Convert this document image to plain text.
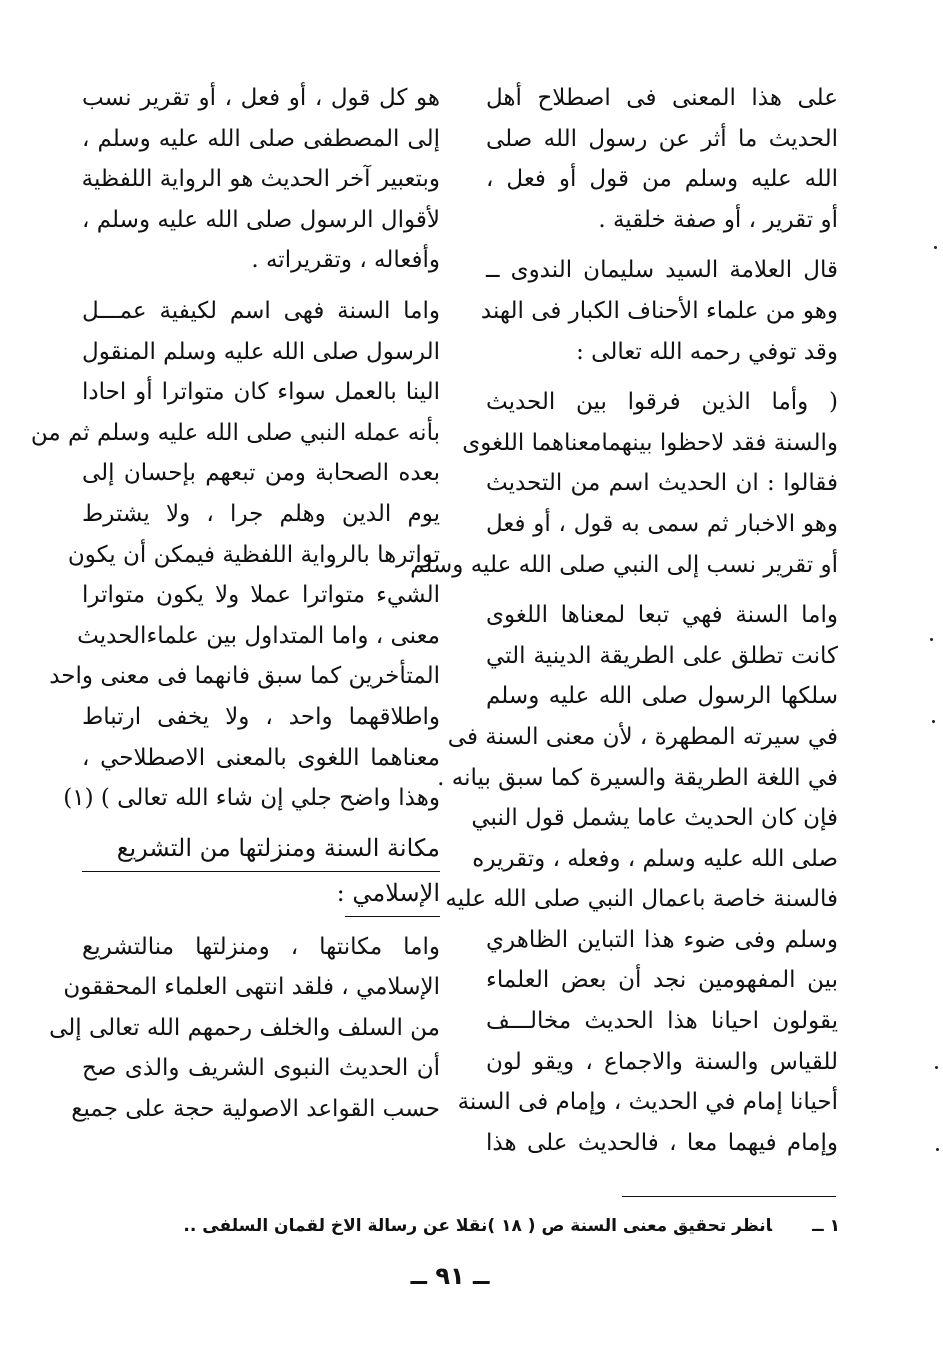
على هذا المعنى فى اصطلاح أهل
الحديث ما أثر عن رسول الله صلى
الله عليه وسلم من قول أو فعل ،
أو تقرير ، أو صفة خلقية .
قال العلامة السيد سليمان الندوى ــ
وهو من علماء الأحناف الكبار فى الهند
وقد توفي رحمه الله تعالى :
( وأما الذين فرقوا بين الحديث
والسنة فقد لاحظوا بينهمامعناهما اللغوى
فقالوا : ان الحديث اسم من التحديث
وهو الاخبار ثم سمى به قول ، أو فعل
أو تقرير نسب إلى النبي صلى الله عليه وسلم
واما السنة فهي تبعا لمعناها اللغوى
كانت تطلق على الطريقة الدينية التي
سلكها الرسول صلى الله عليه وسلم
في سيرته المطهرة ، لأن معنى السنة فى
في اللغة الطريقة والسيرة كما سبق بيانه .
فإن كان الحديث عاما يشمل قول النبي
صلى الله عليه وسلم ، وفعله ، وتقريره
فالسنة خاصة باعمال النبي صلى الله عليه
وسلم وفى ضوء هذا التباين الظاهري
بين المفهومين نجد أن بعض العلماء
يقولون احيانا هذا الحديث مخالـــف
للقياس والسنة والاجماع ، ويقو لون
أحيانا إمام في الحديث ، وإمام فى السنة
وإمام فيهما معا ، فالحديث على هذا
هو كل قول ، أو فعل ، أو تقرير نسب
إلى المصطفى صلى الله عليه وسلم ،
وبتعبير آخر الحديث هو الرواية اللفظية
لأقوال الرسول صلى الله عليه وسلم ،
وأفعاله ، وتقريراته .
واما السنة فهى اسم لكيفية عمـــل
الرسول صلى الله عليه وسلم المنقول
الينا بالعمل سواء كان متواترا أو احادا
بأنه عمله النبي صلى الله عليه وسلم ثم من
بعده الصحابة ومن تبعهم بإحسان إلى
يوم الدين وهلم جرا ، ولا يشترط
تواترها بالرواية اللفظية فيمكن أن يكون
الشيء متواترا عملا ولا يكون متواترا
معنى ، واما المتداول بين علماءالحديث
المتأخرين كما سبق فانهما فى معنى واحد
واطلاقهما واحد ، ولا يخفى ارتباط
معناهما اللغوى بالمعنى الاصطلاحي ،
وهذا واضح جلي إن شاء الله تعالى ) (١)
مكانة السنة ومنزلتها من التشريع
الإسلامي :
واما مكانتها ، ومنزلتها منالتشريع
الإسلامي ، فلقد انتهى العلماء المحققون
من السلف والخلف رحمهم الله تعالى إلى
أن الحديث النبوى الشريف والذى صح
حسب القواعد الاصولية حجة على جميع
١ ــانظر تحقيق معنى السنة ص ( ١٨ )نقلا عن رسالة الاخ لقمان السلفى ..
ــ ٩١ ــ
